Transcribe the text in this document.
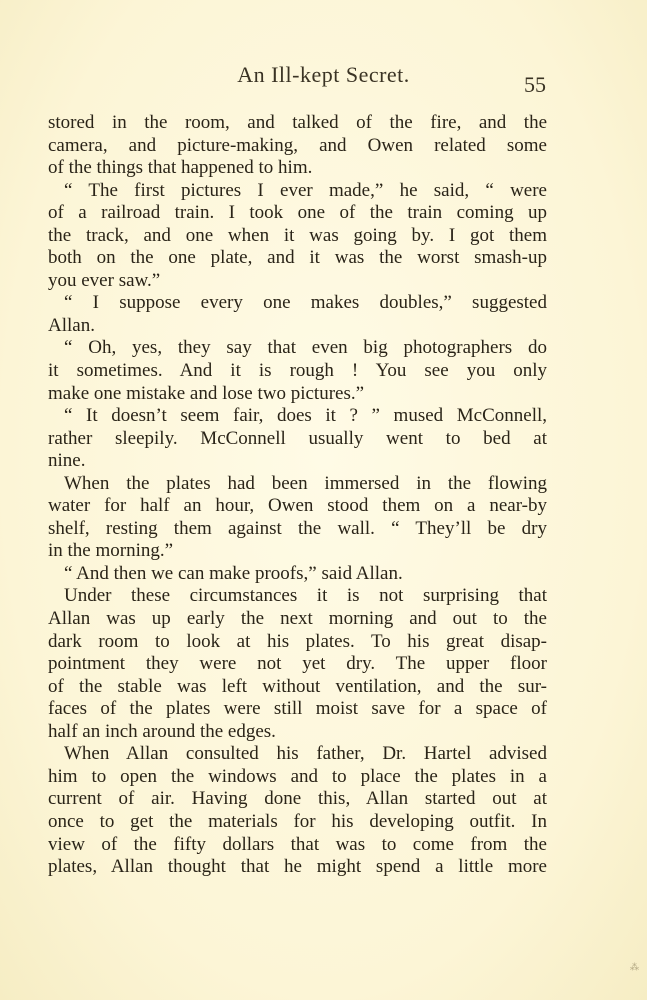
An Ill-kept Secret.	55
stored in the room, and talked of the fire, and the
camera, and picture-making, and Owen related some
of the things that happened to him.
“ The first pictures I ever made,” he said, “ were
of a railroad train. I took one of the train coming up
the track, and one when it was going by. I got them
both on the one plate, and it was the worst smash-up
you ever saw.”
“ I suppose every one makes doubles,” suggested
Allan.
“ Oh, yes, they say that even big photographers do
it sometimes. And it is rough ! You see you only
make one mistake and lose two pictures.”
“ It doesn’t seem fair, does it ? ” mused McConnell,
rather sleepily. McConnell usually went to bed at
nine.
When the plates had been immersed in the flowing
water for half an hour, Owen stood them on a near-by
shelf, resting them against the wall. “ They’ll be dry
in the morning.”
“ And then we can make proofs,” said Allan.
Under these circumstances it is not surprising that
Allan was up early the next morning and out to the
dark room to look at his plates. To his great disap-
pointment they were not yet dry. The upper floor
of the stable was left without ventilation, and the sur-
faces of the plates were still moist save for a space of
half an inch around the edges.
When Allan consulted his father, Dr. Hartel advised
him to open the windows and to place the plates in a
current of air. Having done this, Allan started out at
once to get the materials for his developing outfit. In
view of the fifty dollars that was to come from the
plates, Allan thought that he might spend a little more
⁂
